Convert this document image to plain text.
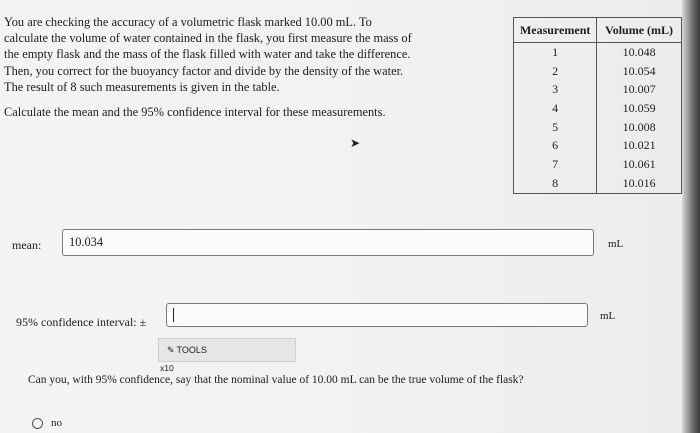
You are checking the accuracy of a volumetric flask marked 10.00 mL. To

calculate the volume of water contained in the flask, you first measure the mass of

the empty flask and the mass of the flask filled with water and take the difference.

Then, you correct for the buoyancy factor and divide by the density of the water.

The result of 8 such measurements is given in the table.

Calculate the mean and the 95% confidence interval for these measurements.

	Measurement	Volume (mL)
	1	10.048
	2	10.054
	3	10.007
	4	10.059
	5	10.008
	6	10.021
	7	10.061
	8	10.016
➤
mean:	10.034	mL
95% confidence interval: ±	mL
✎ TOOLS
x10
Can you, with 95% confidence, say that the nominal value of 10.00 mL can be the true volume of the flask?
no
